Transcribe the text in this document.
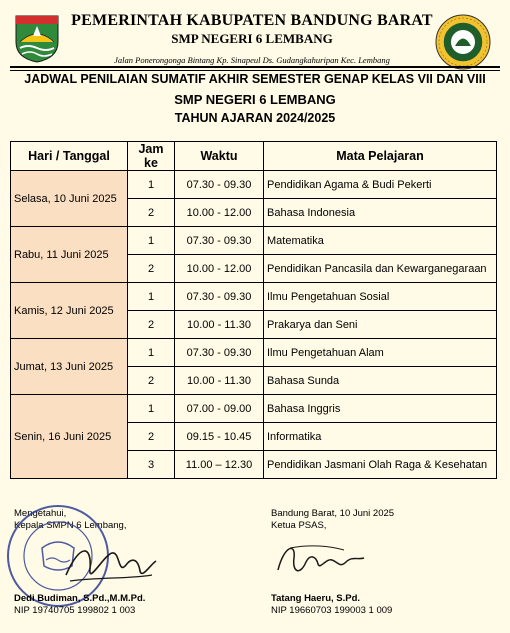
PEMERINTAH KABUPATEN BANDUNG BARAT
SMP NEGERI 6 LEMBANG
Jalan Ponerongonga Bintang Kp. Sinapeul Ds. Gudangkahuripan Kec. Lembang
JADWAL PENILAIAN SUMATIF AKHIR SEMESTER GENAP KELAS VII DAN VIII
SMP NEGERI 6 LEMBANG
TAHUN AJARAN 2024/2025
Hari / Tanggal	Jam ke	Waktu	Mata Pelajaran
Selasa, 10 Juni 2025	1	07.30 - 09.30	Pendidikan Agama & Budi Pekerti
	2	10.00 - 12.00	Bahasa Indonesia
Rabu, 11 Juni 2025	1	07.30 - 09.30	Matematika
	2	10.00 - 12.00	Pendidikan Pancasila dan Kewarganegaraan
Kamis, 12 Juni 2025	1	07.30 - 09.30	Ilmu Pengetahuan Sosial
	2	10.00 - 11.30	Prakarya dan Seni
Jumat, 13 Juni 2025	1	07.30 - 09.30	Ilmu Pengetahuan Alam
	2	10.00 - 11.30	Bahasa Sunda
Senin, 16 Juni 2025	1	07.00 - 09.00	Bahasa Inggris
	2	09.15 - 10.45	Informatika
	3	11.00 – 12.30	Pendidikan Jasmani Olah Raga & Kesehatan
Mengetahui,
Kepala SMPN 6 Lembang,
Dedi Budiman, S.Pd.,M.M.Pd.
NIP 19740705 199802 1 003
Bandung Barat, 10 Juni 2025
Ketua PSAS,
Tatang Haeru, S.Pd.
NIP 19660703 199003 1 009
